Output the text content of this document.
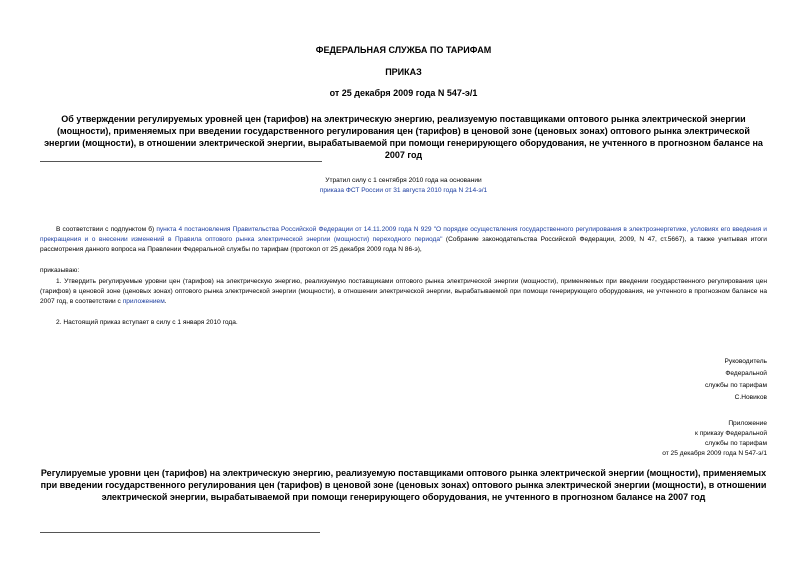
ФЕДЕРАЛЬНАЯ СЛУЖБА ПО ТАРИФАМ
ПРИКАЗ
от 25 декабря 2009 года N 547-э/1
Об утверждении регулируемых уровней цен (тарифов) на электрическую энергию, реализуемую поставщиками оптового рынка электрической энергии (мощности), применяемых при введении государственного регулирования цен (тарифов) в ценовой зоне (ценовых зонах) оптового рынка электрической энергии (мощности), в отношении электрической энергии, вырабатываемой при помощи генерирующего оборудования, не учтенного в прогнозном балансе на 2007 год
Утратил силу с 1 сентября 2010 года на основании
приказа ФСТ России от 31 августа 2010 года N 214-э/1
В соответствии с подпунктом б) пункта 4 постановления Правительства Российской Федерации от 14.11.2009 года N 929 "О порядке осуществления государственного регулирования в электроэнергетике, условиях его введения и прекращения и о внесении изменений в Правила оптового рынка электрической энергии (мощности) переходного периода" (Собрание законодательства Российской Федерации, 2009, N 47, ст.5667), а также учитывая итоги рассмотрения данного вопроса на Правлении Федеральной службы по тарифам (протокол от 25 декабря 2009 года N 86-э),
приказываю:
1. Утвердить регулируемые уровни цен (тарифов) на электрическую энергию, реализуемую поставщиками оптового рынка электрической энергии (мощности), применяемых при введении государственного регулирования цен (тарифов) в ценовой зоне (ценовых зонах) оптового рынка электрической энергии (мощности), в отношении электрической энергии, вырабатываемой при помощи генерирующего оборудования, не учтенного в прогнозном балансе на 2007 год, в соответствии с приложением.
2. Настоящий приказ вступает в силу с 1 января 2010 года.
Руководитель
Федеральной
службы по тарифам
С.Новиков
Приложение
к приказу Федеральной
службы по тарифам
от 25 декабря 2009 года N 547-э/1
Регулируемые уровни цен (тарифов) на электрическую энергию, реализуемую поставщиками оптового рынка электрической энергии (мощности), применяемых при введении государственного регулирования цен (тарифов) в ценовой зоне (ценовых зонах) оптового рынка электрической энергии (мощности), в отношении электрической энергии, вырабатываемой при помощи генерирующего оборудования, не учтенного в прогнозном балансе на 2007 год
